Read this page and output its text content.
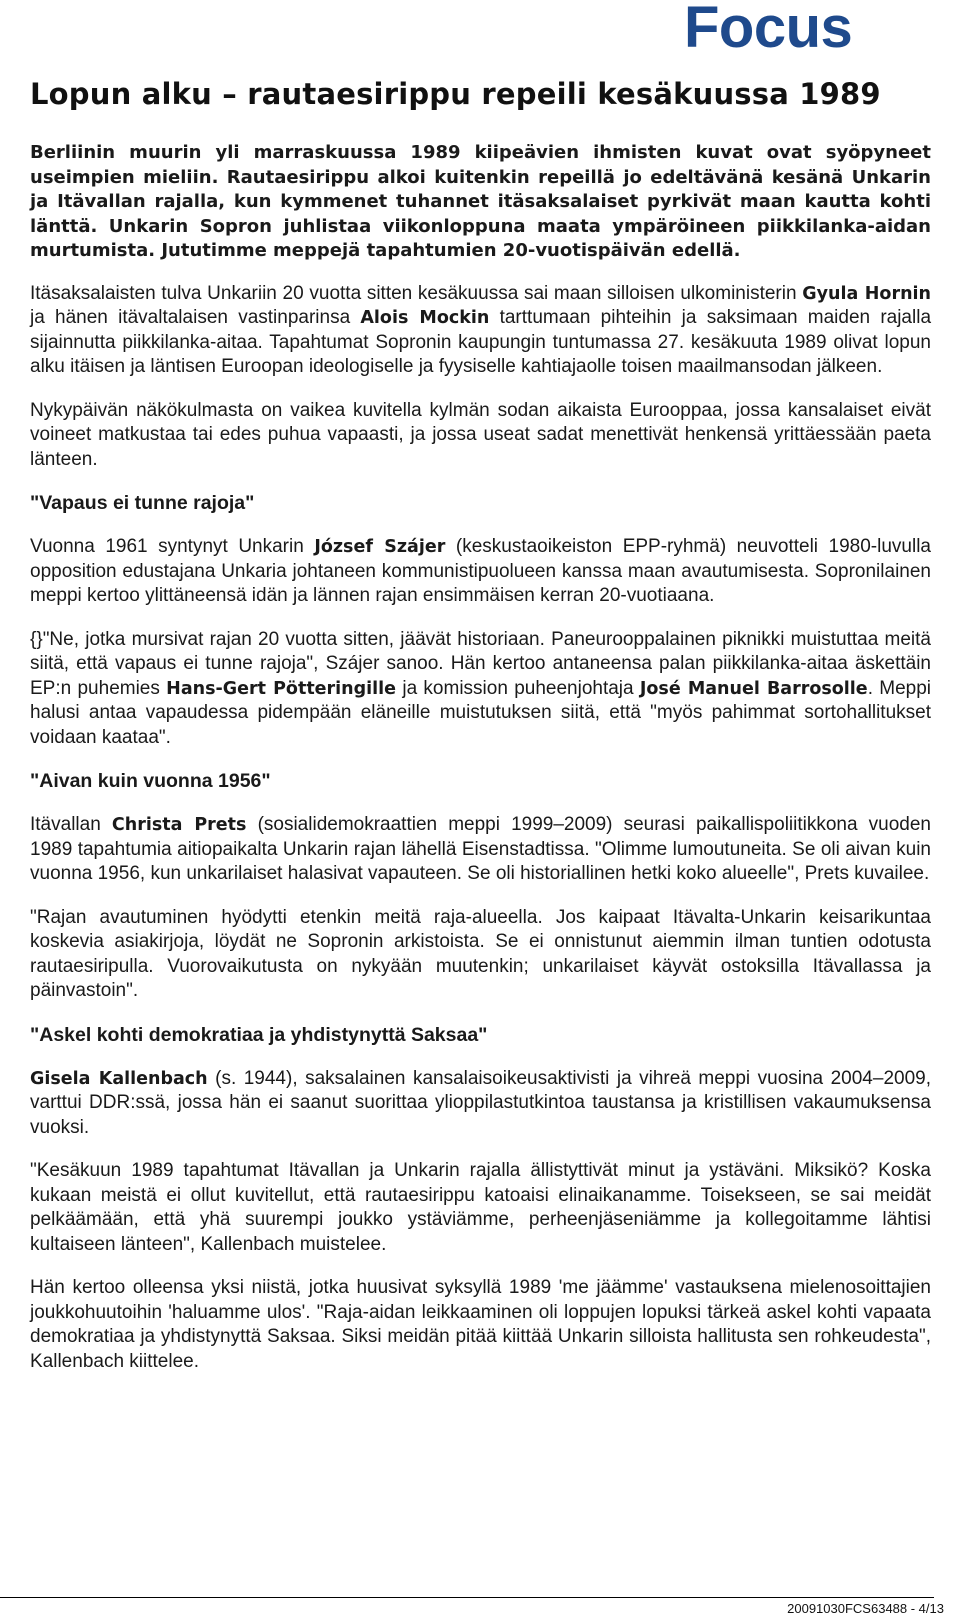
Focus
Lopun alku – rautaesirippu repeili kesäkuussa 1989

Berliinin muurin yli marraskuussa 1989 kiipeävien ihmisten kuvat ovat syöpyneet useimpien mieliin. Rautaesirippu alkoi kuitenkin repeillä jo edeltävänä kesänä Unkarin ja Itävallan rajalla, kun kymmenet tuhannet itäsaksalaiset pyrkivät maan kautta kohti länttä. Unkarin Sopron juhlistaa viikonloppuna maata ympäröineen piikkilanka-aidan murtumista. Jututimme meppejä tapahtumien 20-vuotispäivän edellä.

Itäsaksalaisten tulva Unkariin 20 vuotta sitten kesäkuussa sai maan silloisen ulkoministerin Gyula Hornin ja hänen itävaltalaisen vastinparinsa Alois Mockin tarttumaan pihteihin ja saksimaan maiden rajalla sijainnutta piikkilanka-aitaa. Tapahtumat Sopronin kaupungin tuntumassa 27. kesäkuuta 1989 olivat lopun alku itäisen ja läntisen Euroopan ideologiselle ja fyysiselle kahtiajaolle toisen maailmansodan jälkeen.

Nykypäivän näkökulmasta on vaikea kuvitella kylmän sodan aikaista Eurooppaa, jossa kansalaiset eivät voineet matkustaa tai edes puhua vapaasti, ja jossa useat sadat menettivät henkensä yrittäessään paeta länteen.

"Vapaus ei tunne rajoja"

Vuonna 1961 syntynyt Unkarin József Szájer (keskustaoikeiston EPP-ryhmä) neuvotteli 1980-luvulla opposition edustajana Unkaria johtaneen kommunistipuolueen kanssa maan avautumisesta. Sopronilainen meppi kertoo ylittäneensä idän ja lännen rajan ensimmäisen kerran 20-vuotiaana.

{}"Ne, jotka mursivat rajan 20 vuotta sitten, jäävät historiaan. Paneurooppalainen piknikki muistuttaa meitä siitä, että vapaus ei tunne rajoja", Szájer sanoo. Hän kertoo antaneensa palan piikkilanka-aitaa äskettäin EP:n puhemies Hans-Gert Pötteringille ja komission puheenjohtaja José Manuel Barrosolle. Meppi halusi antaa vapaudessa pidempään eläneille muistutuksen siitä, että "myös pahimmat sortohallitukset voidaan kaataa".

"Aivan kuin vuonna 1956"

Itävallan Christa Prets (sosialidemokraattien meppi 1999–2009) seurasi paikallispoliitikkona vuoden 1989 tapahtumia aitiopaikalta Unkarin rajan lähellä Eisenstadtissa. "Olimme lumoutuneita. Se oli aivan kuin vuonna 1956, kun unkarilaiset halasivat vapauteen. Se oli historiallinen hetki koko alueelle", Prets kuvailee.

"Rajan avautuminen hyödytti etenkin meitä raja-alueella. Jos kaipaat Itävalta-Unkarin keisarikuntaa koskevia asiakirjoja, löydät ne Sopronin arkistoista. Se ei onnistunut aiemmin ilman tuntien odotusta rautaesiripulla. Vuorovaikutusta on nykyään muutenkin; unkarilaiset käyvät ostoksilla Itävallassa ja päinvastoin".

"Askel kohti demokratiaa ja yhdistynyttä Saksaa"

Gisela Kallenbach (s. 1944), saksalainen kansalaisoikeusaktivisti ja vihreä meppi vuosina 2004–2009, varttui DDR:ssä, jossa hän ei saanut suorittaa ylioppilastutkintoa taustansa ja kristillisen vakaumuksensa vuoksi.

"Kesäkuun 1989 tapahtumat Itävallan ja Unkarin rajalla ällistyttivät minut ja ystäväni. Miksikö? Koska kukaan meistä ei ollut kuvitellut, että rautaesirippu katoaisi elinaikanamme. Toisekseen, se sai meidät pelkäämään, että yhä suurempi joukko ystäviämme, perheenjäseniämme ja kollegoitamme lähtisi kultaiseen länteen", Kallenbach muistelee.

Hän kertoo olleensa yksi niistä, jotka huusivat syksyllä 1989 'me jäämme' vastauksena mielenosoittajien joukkohuutoihin 'haluamme ulos'. "Raja-aidan leikkaaminen oli loppujen lopuksi tärkeä askel kohti vapaata demokratiaa ja yhdistynyttä Saksaa. Siksi meidän pitää kiittää Unkarin silloista hallitusta sen rohkeudesta", Kallenbach kiittelee.

20091030FCS63488 - 4/13
